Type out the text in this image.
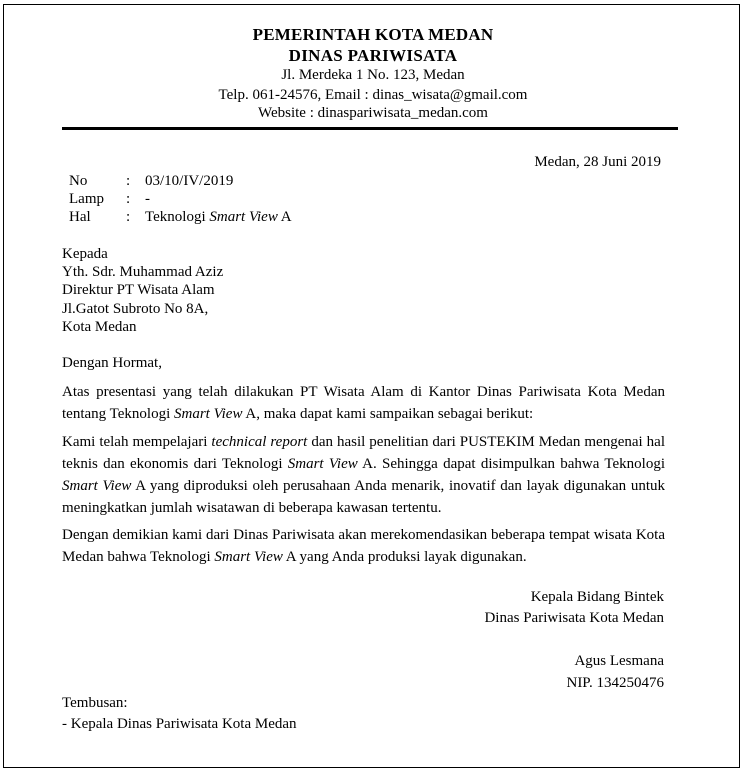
PEMERINTAH KOTA MEDAN
DINAS PARIWISATA
Jl. Merdeka 1 No. 123, Medan
Telp. 061-24576, Email : dinas_wisata@gmail.com
Website : dinaspariwisata_medan.com
Medan, 28 Juni 2019
No	: 03/10/IV/2019
Lamp : -
Hal : Teknologi Smart View A
Kepada
Yth. Sdr. Muhammad Aziz
Direktur PT Wisata Alam
Jl.Gatot Subroto No 8A,
Kota Medan
Dengan Hormat,
Atas presentasi yang telah dilakukan PT Wisata Alam di Kantor Dinas Pariwisata Kota Medan tentang Teknologi Smart View A, maka dapat kami sampaikan sebagai berikut:
Kami telah mempelajari technical report dan hasil penelitian dari PUSTEKIM Medan mengenai hal teknis dan ekonomis dari Teknologi Smart View A. Sehingga dapat disimpulkan bahwa Teknologi Smart View A yang diproduksi oleh perusahaan Anda menarik, inovatif dan layak digunakan untuk meningkatkan jumlah wisatawan di beberapa kawasan tertentu.
Dengan demikian kami dari Dinas Pariwisata akan merekomendasikan beberapa tempat wisata Kota Medan bahwa Teknologi Smart View A yang Anda produksi layak digunakan.
Kepala Bidang Bintek
Dinas Pariwisata Kota Medan
Agus Lesmana
NIP. 134250476
Tembusan:
- Kepala Dinas Pariwisata Kota Medan
